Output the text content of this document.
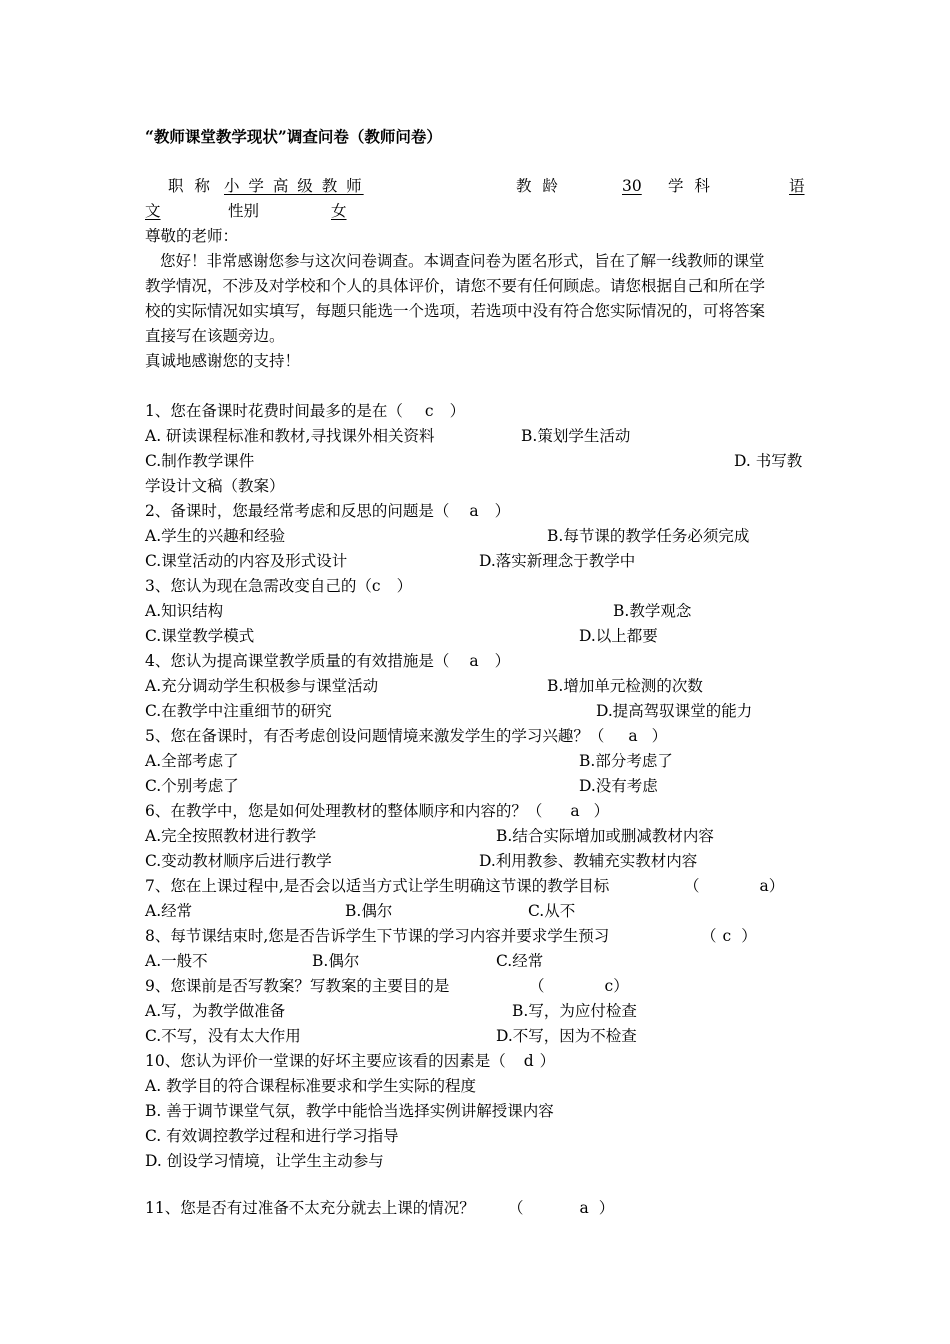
“教师课堂教学现状”调查问卷（教师问卷）
职 称 小 学 高 级 教 师	教 龄	30	学 科	语
文	性别	女
尊敬的老师：
您好！非常感谢您参与这次问卷调查。本调查问卷为匿名形式，旨在了解一线教师的课堂
教学情况，不涉及对学校和个人的具体评价，请您不要有任何顾虑。请您根据自己和所在学
校的实际情况如实填写，每题只能选一个选项，若选项中没有符合您实际情况的，可将答案
直接写在该题旁边。
真诚地感谢您的支持！
1、您在备课时花费时间最多的是在（ c ）
A. 研读课程标准和教材,寻找课外相关资料	B.策划学生活动
C.制作教学课件	D. 书写教
学设计文稿（教案）
2、备课时，您最经常考虑和反思的问题是（ a ）
A.学生的兴趣和经验	B.每节课的教学任务必须完成
C.课堂活动的内容及形式设计	D.落实新理念于教学中
3、您认为现在急需改变自己的（c ）
A.知识结构	B.教学观念
C.课堂教学模式	D.以上都要
4、您认为提高课堂教学质量的有效措施是（ a ）
A.充分调动学生积极参与课堂活动	B.增加单元检测的次数
C.在教学中注重细节的研究	D.提高驾驭课堂的能力
5、您在备课时，有否考虑创设问题情境来激发学生的学习兴趣？（ a ）
A.全部考虑了	B.部分考虑了
C.个别考虑了	D.没有考虑
6、在教学中，您是如何处理教材的整体顺序和内容的？（ a ）
A.完全按照教材进行教学	B.结合实际增加或删减教材内容
C.变动教材顺序后进行教学	D.利用教参、教辅充实教材内容
7、您在上课过程中,是否会以适当方式让学生明确这节课的教学目标	（	a）
A.经常	B.偶尔	C.从不
8、每节课结束时,您是否告诉学生下节课的学习内容并要求学生预习	（ c ）
A.一般不	B.偶尔	C.经常
9、您课前是否写教案？写教案的主要目的是	（	c）
A.写，为教学做准备	B.写，为应付检查
C.不写，没有太大作用	D.不写，因为不检查
10、您认为评价一堂课的好坏主要应该看的因素是（ d ）
A. 教学目的符合课程标准要求和学生实际的程度
B. 善于调节课堂气氛，教学中能恰当选择实例讲解授课内容
C. 有效调控教学过程和进行学习指导
D. 创设学习情境，让学生主动参与
11、您是否有过准备不太充分就去上课的情况？ （	a ）
